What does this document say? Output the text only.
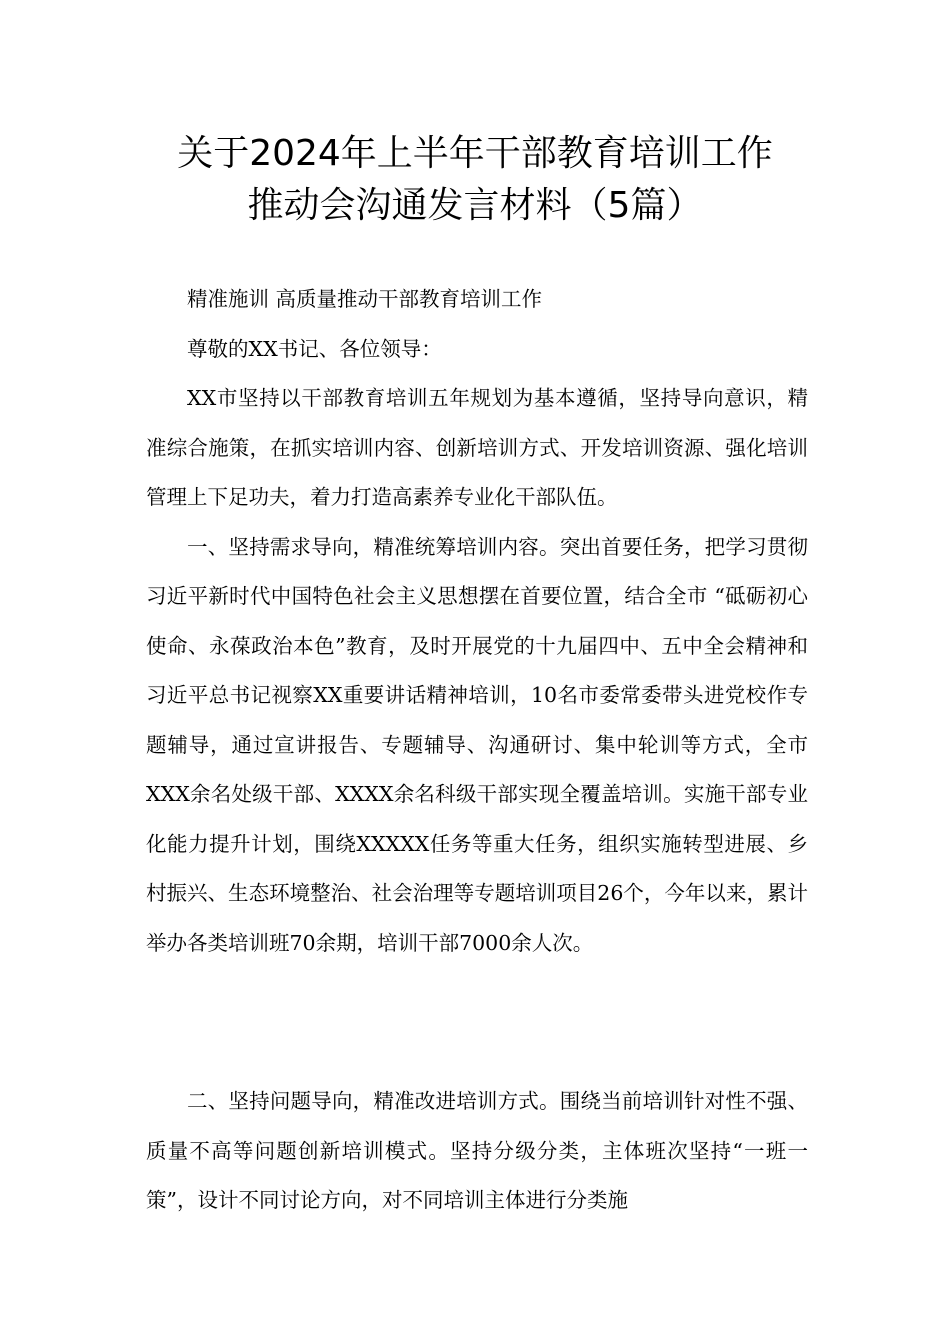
关于2024年上半年干部教育培训工作
推动会沟通发言材料（5篇）

精准施训 高质量推动干部教育培训工作

尊敬的XX书记、各位领导：

XX市坚持以干部教育培训五年规划为基本遵循，坚持导向意识，精准综合施策，在抓实培训内容、创新培训方式、开发培训资源、强化培训管理上下足功夫，着力打造高素养专业化干部队伍。

一、坚持需求导向，精准统筹培训内容。突出首要任务，把学习贯彻习近平新时代中国特色社会主义思想摆在首要位置，结合全市 “砥砺初心使命、永葆政治本色”教育，及时开展党的十九届四中、五中全会精神和习近平总书记视察XX重要讲话精神培训，10名市委常委带头进党校作专题辅导，通过宣讲报告、专题辅导、沟通研讨、集中轮训等方式，全市XXX余名处级干部、XXXX余名科级干部实现全覆盖培训。实施干部专业化能力提升计划，围绕XXXXX任务等重大任务，组织实施转型进展、乡村振兴、生态环境整治、社会治理等专题培训项目26个，今年以来，累计举办各类培训班70余期，培训干部7000余人次。

二、坚持问题导向，精准改进培训方式。围绕当前培训针对性不强、质量不高等问题创新培训模式。坚持分级分类，主体班次坚持“一班一策”，设计不同讨论方向，对不同培训主体进行分类施
